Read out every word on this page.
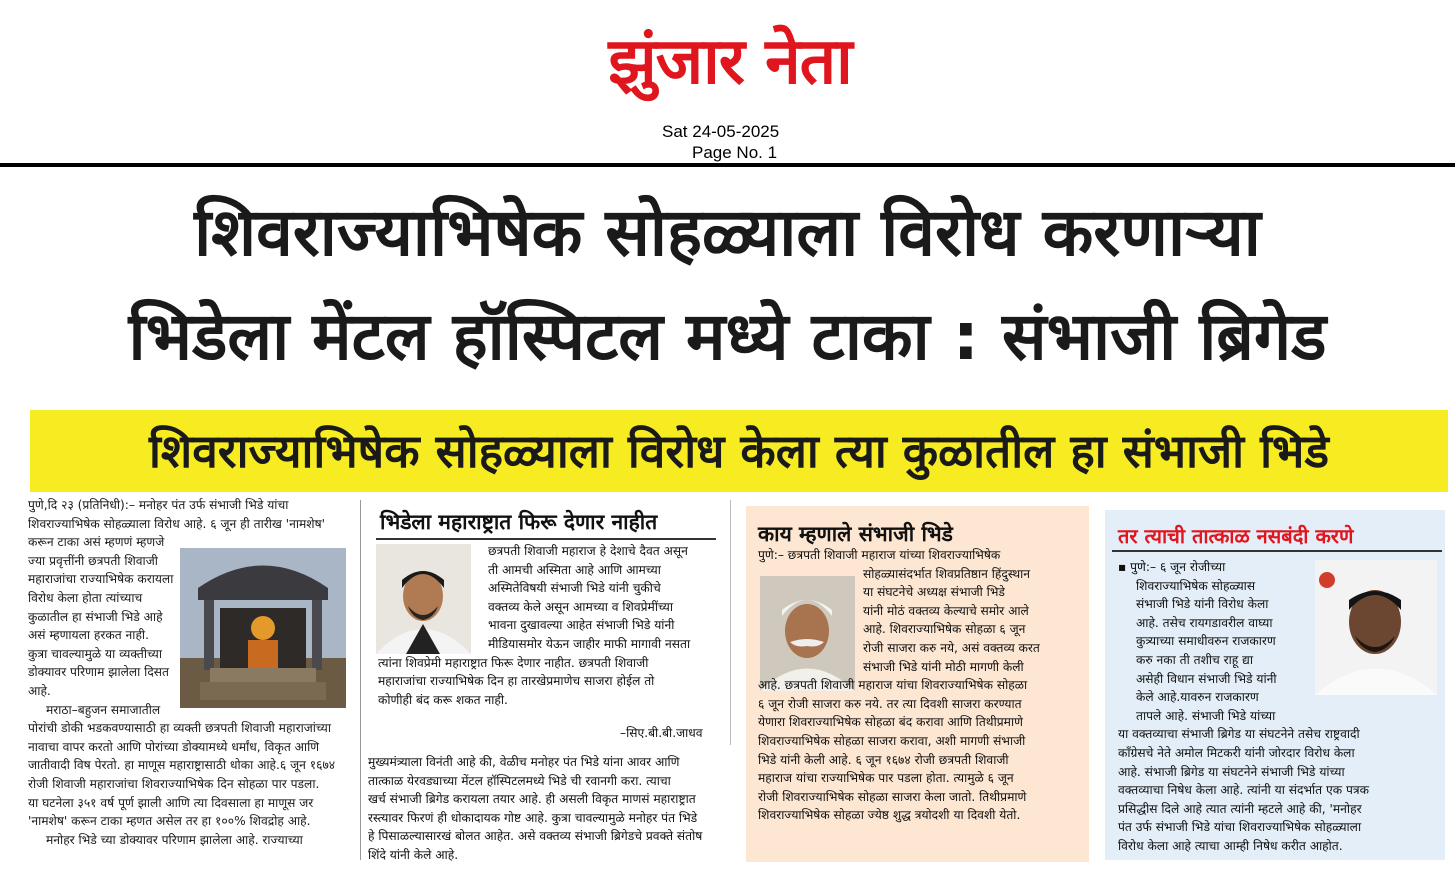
झुंजार नेता
Sat 24-05-2025
Page No. 1
शिवराज्याभिषेक सोहळ्याला विरोध करणाऱ्या
भिडेला मेंटल हॉस्पिटल मध्ये टाका : संभाजी ब्रिगेड
शिवराज्याभिषेक सोहळ्याला विरोध केला त्या कुळातील हा संभाजी भिडे

पुणे,दि २३ (प्रतिनिधी):– मनोहर पंत उर्फ संभाजी भिडे यांचा

शिवराज्याभिषेक सोहळ्याला विरोध आहे. ६ जून ही तारीख 'नामशेष'

करून टाका असं म्हणणं म्हणजे

ज्या प्रवृत्तींनी छत्रपती शिवाजी

महाराजांचा राज्याभिषेक करायला

विरोध केला होता त्यांच्याच

कुळातील हा संभाजी भिडे आहे

असं म्हणायला हरकत नाही.

कुत्रा चावल्यामुळे या व्यक्तीच्या

डोक्यावर परिणाम झालेला दिसत

आहे.

मराठा–बहुजन समाजातील

पोरांची डोकी भडकवण्यासाठी हा व्यक्ती छत्रपती शिवाजी महाराजांच्या

नावाचा वापर करतो आणि पोरांच्या डोक्यामध्ये धर्मांध, विकृत आणि

जातीवादी विष पेरतो. हा माणूस महाराष्ट्रासाठी धोका आहे.६ जून १६७४

रोजी शिवाजी महाराजांचा शिवराज्याभिषेक दिन सोहळा पार पडला.

या घटनेला ३५१ वर्ष पूर्ण झाली आणि त्या दिवसाला हा माणूस जर

'नामशेष' करून टाका म्हणत असेल तर हा १००% शिवद्रोह आहे.

मनोहर भिडे च्या डोक्यावर परिणाम झालेला आहे. राज्याच्या

भिडेला महाराष्ट्रात फिरू देणार नाहीत
छत्रपती शिवाजी महाराज हे देशाचे दैवत असून
ती आमची अस्मिता आहे आणि आमच्या
अस्मितेविषयी संभाजी भिडे यांनी चुकीचे
वक्तव्य केले असून आमच्या व शिवप्रेमींच्या
भावना दुखावल्या आहेत संभाजी भिडे यांनी
मीडियासमोर येऊन जाहीर माफी मागावी नसता
त्यांना शिवप्रेमी महाराष्ट्रात फिरू देणार नाहीत. छत्रपती शिवाजी
महाराजांचा राज्याभिषेक दिन हा तारखेप्रमाणेच साजरा होईल तो
कोणीही बंद करू शकत नाही.
–सिए.बी.बी.जाधव
मुख्यमंत्र्याला विनंती आहे की, वेळीच मनोहर पंत भिडे यांना आवर आणि
तात्काळ येरवड्याच्या मेंटल हॉस्पिटलमध्ये भिडे ची रवानगी करा. त्याचा
खर्च संभाजी ब्रिगेड करायला तयार आहे. ही असली विकृत माणसं महाराष्ट्रात
रस्त्यावर फिरणं ही धोकादायक गोष्ट आहे. कुत्रा चावल्यामुळे मनोहर पंत भिडे
हे पिसाळल्यासारखं बोलत आहेत. असे वक्तव्य संभाजी ब्रिगेडचे प्रवक्ते संतोष
शिंदे यांनी केले आहे.
काय म्हणाले संभाजी भिडे
पुणे:– छत्रपती शिवाजी महाराज यांच्या शिवराज्याभिषेक
सोहळ्यासंदर्भात शिवप्रतिष्ठान हिंदुस्थान
या संघटनेचे अध्यक्ष संभाजी भिडे
यांनी मोठं वक्तव्य केल्याचे समोर आले
आहे. शिवराज्याभिषेक सोहळा ६ जून
रोजी साजरा करु नये, असं वक्तव्य करत
संभाजी भिडे यांनी मोठी मागणी केली
आहे. छत्रपती शिवाजी महाराज यांचा शिवराज्याभिषेक सोहळा
६ जून रोजी साजरा करु नये. तर त्या दिवशी साजरा करण्यात
येणारा शिवराज्याभिषेक सोहळा बंद करावा आणि तिथीप्रमाणे
शिवराज्याभिषेक सोहळा साजरा करावा, अशी मागणी संभाजी
भिडे यांनी केली आहे. ६ जून १६७४ रोजी छत्रपती शिवाजी
महाराज यांचा राज्याभिषेक पार पडला होता. त्यामुळे ६ जून
रोजी शिवराज्याभिषेक सोहळा साजरा केला जातो. तिथीप्रमाणे
शिवराज्याभिषेक सोहळा ज्येष्ठ शुद्ध त्रयोदशी या दिवशी येतो.
तर त्याची तात्काळ नसबंदी करणे
▪ पुणे:– ६ जून रोजीच्या
शिवराज्याभिषेक सोहळ्यास
संभाजी भिडे यांनी विरोध केला
आहे. तसेच रायगडावरील वाघ्या
कुत्र्याच्या समाधीवरुन राजकारण
करु नका ती तशीच राहू द्या
असेही विधान संभाजी भिडे यांनी
केले आहे.यावरुन राजकारण
तापले आहे. संभाजी भिडे यांच्या
या वक्तव्याचा संभाजी ब्रिगेड या संघटनेने तसेच राष्ट्रवादी
कॉंग्रेसचे नेते अमोल मिटकरी यांनी जोरदार विरोध केला
आहे. संभाजी ब्रिगेड या संघटनेने संभाजी भिडे यांच्या
वक्तव्याचा निषेध केला आहे. त्यांनी या संदर्भात एक पत्रक
प्रसिद्धीस दिले आहे त्यात त्यांनी म्हटले आहे की, 'मनोहर
पंत उर्फ संभाजी भिडे यांचा शिवराज्याभिषेक सोहळ्याला
विरोध केला आहे त्याचा आम्ही निषेध करीत आहोत.
